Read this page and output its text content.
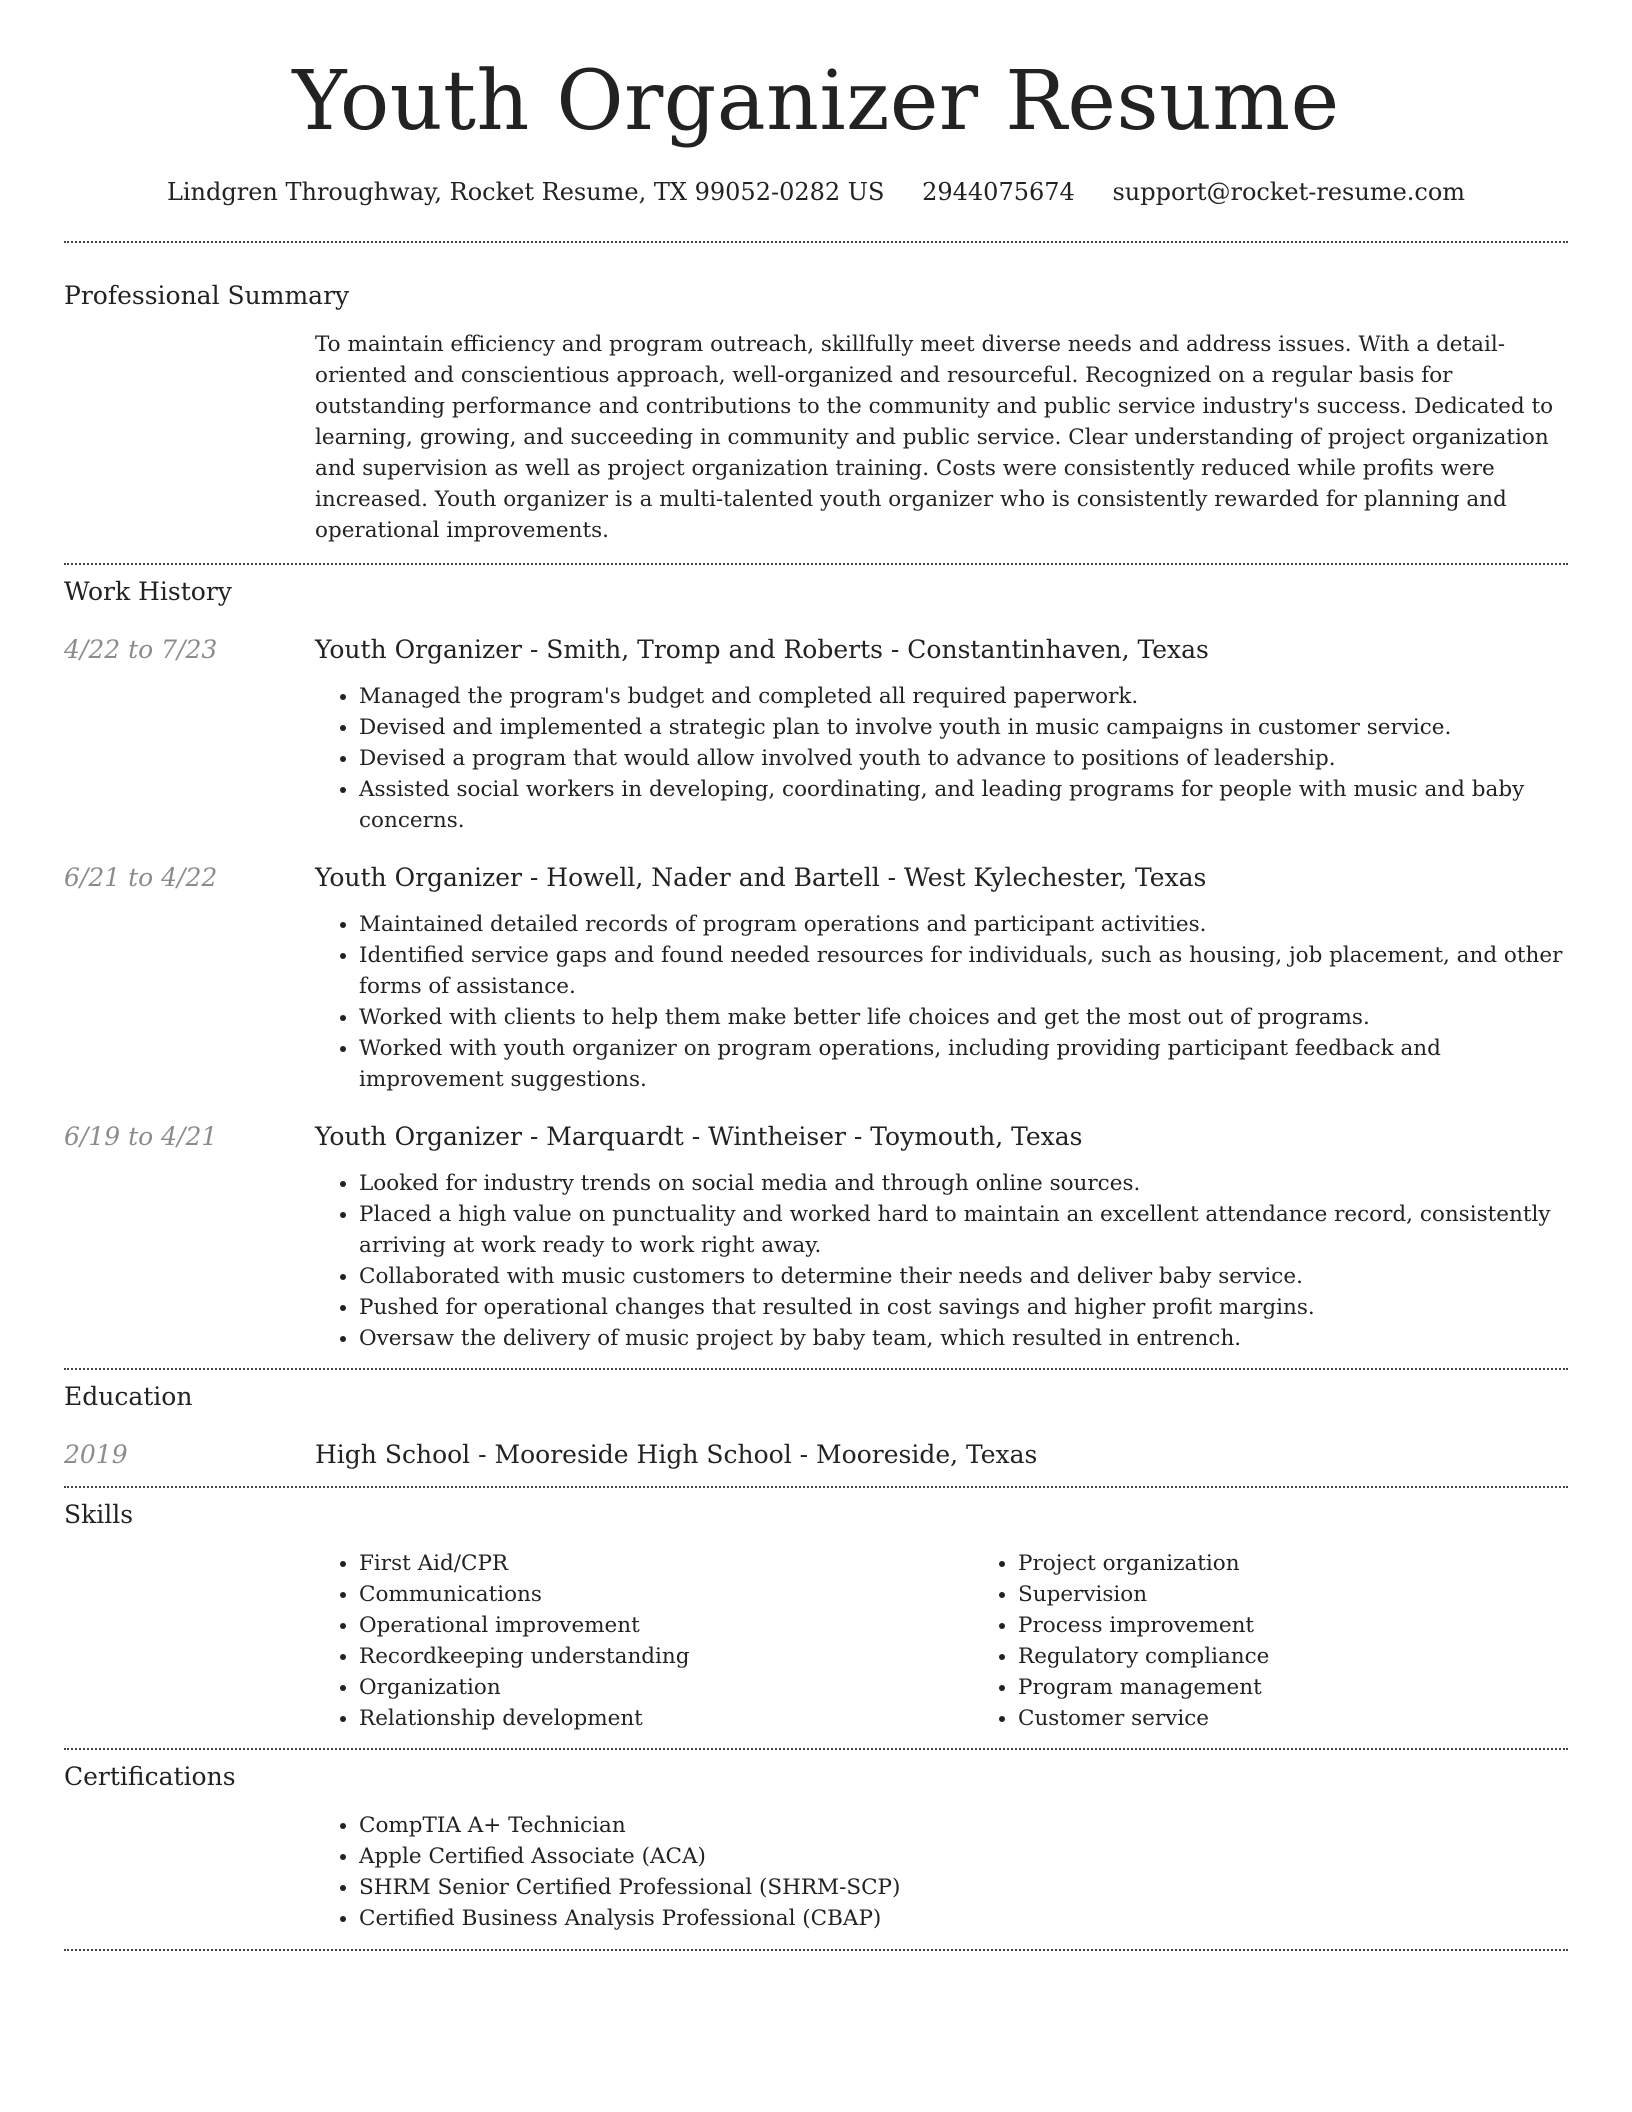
Youth Organizer Resume
Lindgren Throughway, Rocket Resume, TX 99052-0282 US 2944075674 support@rocket-resume.com
Professional Summary

To maintain efficiency and program outreach, skillfully meet diverse needs and address issues. With a detail-oriented and conscientious approach, well-organized and resourceful. Recognized on a regular basis for outstanding performance and contributions to the community and public service industry's success. Dedicated to learning, growing, and succeeding in community and public service. Clear understanding of project organization and supervision as well as project organization training. Costs were consistently reduced while profits were increased. Youth organizer is a multi-talented youth organizer who is consistently rewarded for planning and operational improvements.

Work History
4/22 to 7/23	Youth Organizer - Smith, Tromp and Roberts - Constantinhaven, Texas
• Managed the program's budget and completed all required paperwork.
• Devised and implemented a strategic plan to involve youth in music campaigns in customer service.
• Devised a program that would allow involved youth to advance to positions of leadership.
• Assisted social workers in developing, coordinating, and leading programs for people with music and baby concerns.
6/21 to 4/22	Youth Organizer - Howell, Nader and Bartell - West Kylechester, Texas
• Maintained detailed records of program operations and participant activities.
• Identified service gaps and found needed resources for individuals, such as housing, job placement, and other forms of assistance.
• Worked with clients to help them make better life choices and get the most out of programs.
• Worked with youth organizer on program operations, including providing participant feedback and improvement suggestions.
6/19 to 4/21	Youth Organizer - Marquardt - Wintheiser - Toymouth, Texas
• Looked for industry trends on social media and through online sources.
• Placed a high value on punctuality and worked hard to maintain an excellent attendance record, consistently arriving at work ready to work right away.
• Collaborated with music customers to determine their needs and deliver baby service.
• Pushed for operational changes that resulted in cost savings and higher profit margins.
• Oversaw the delivery of music project by baby team, which resulted in entrench.
Education
2019	High School - Mooreside High School - Mooreside, Texas
Skills
• First Aid/CPR
• Communications
• Operational improvement
• Recordkeeping understanding
• Organization
• Relationship development
• Project organization
• Supervision
• Process improvement
• Regulatory compliance
• Program management
• Customer service
Certifications
• CompTIA A+ Technician
• Apple Certified Associate (ACA)
• SHRM Senior Certified Professional (SHRM-SCP)
• Certified Business Analysis Professional (CBAP)
